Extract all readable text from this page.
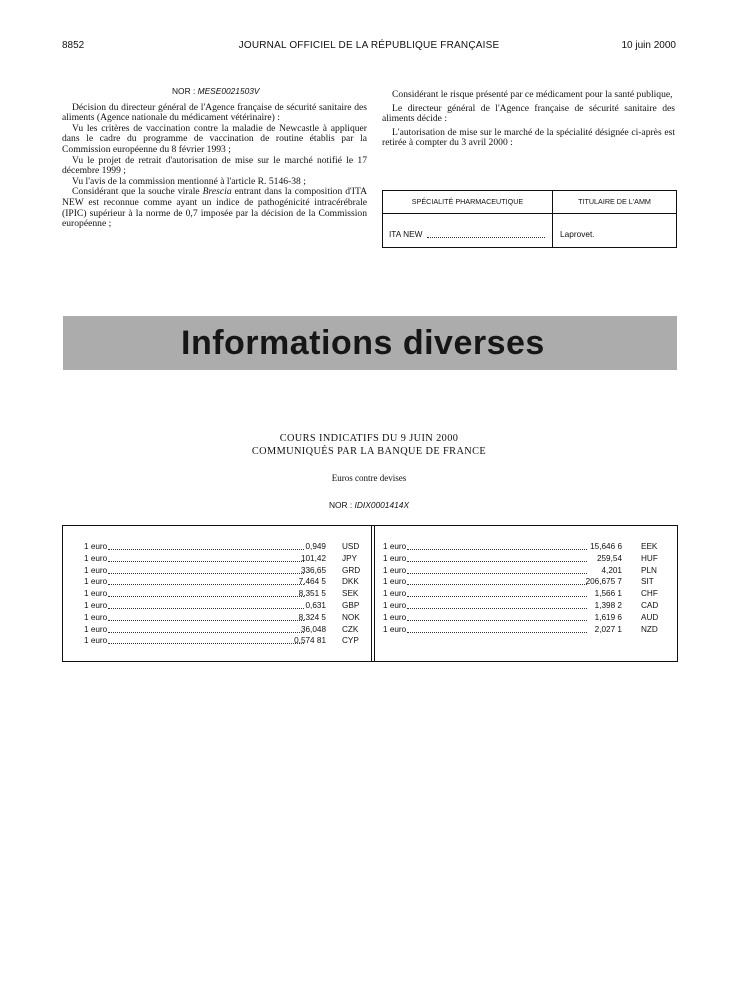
8852	JOURNAL OFFICIEL DE LA RÉPUBLIQUE FRANÇAISE	10 juin 2000
NOR : MESE0021503V

Décision du directeur général de l'Agence française de sécurité sanitaire des aliments (Agence nationale du médicament vétérinaire) :

Vu les critères de vaccination contre la maladie de Newcastle à appliquer dans le cadre du programme de vaccination de routine établis par la Commission européenne du 8 février 1993 ;

Vu le projet de retrait d'autorisation de mise sur le marché notifié le 17 décembre 1999 ;

Vu l'avis de la commission mentionné à l'article R. 5146-38 ;

Considérant que la souche virale Brescia entrant dans la composition d'ITA NEW est reconnue comme ayant un indice de pathogénicité intracérébrale (IPIC) supérieur à la norme de 0,7 imposée par la décision de la Commission européenne ;

Considérant le risque présenté par ce médicament pour la santé publique,

Le directeur général de l'Agence française de sécurité sanitaire des aliments décide :

L'autorisation de mise sur le marché de la spécialité désignée ci-après est retirée à compter du 3 avril 2000 :

SPÉCIALITÉ PHARMACEUTIQUE	TITULAIRE DE L'AMM
ITA NEW	Laprovet.
Informations diverses
COURS INDICATIFS DU 9 JUIN 2000
COMMUNIQUÉS PAR LA BANQUE DE FRANCE
Euros contre devises
NOR : IDIX0001414X
1 euro	0,949 USD
1 euro	101,42 JPY
1 euro	336,65 GRD
1 euro	7,464 5 DKK
1 euro	8,351 5 SEK
1 euro	0,631 GBP
1 euro	8,324 5 NOK
1 euro	36,048 CZK
1 euro	0,574 81 CYP
1 euro	15,646 6 EEK
1 euro	259,54 HUF
1 euro	4,201 PLN
1 euro	206,675 7 SIT
1 euro	1,566 1 CHF
1 euro	1,398 2 CAD
1 euro	1,619 6 AUD
1 euro	2,027 1 NZD
